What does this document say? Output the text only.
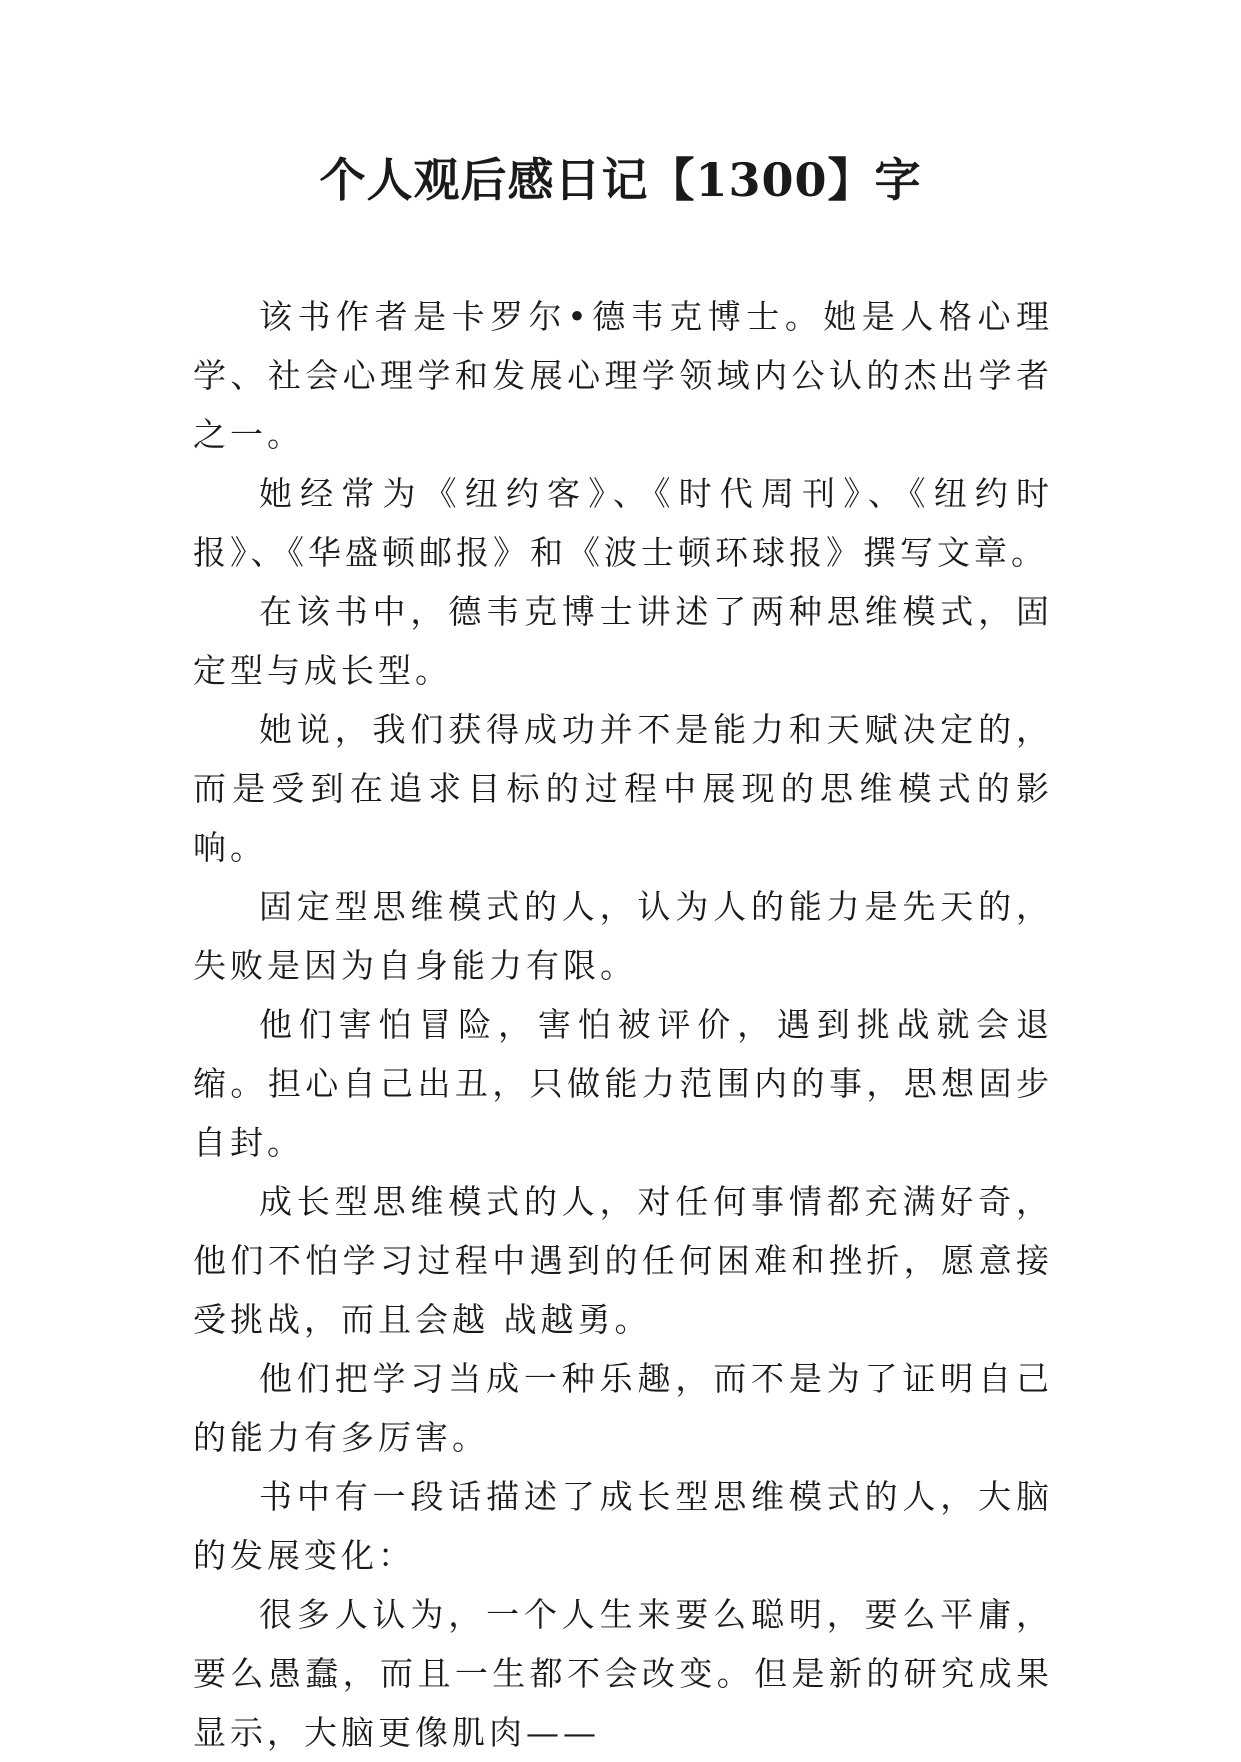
个人观后感日记【1300】字

该书作者是卡罗尔•德韦克博士。她是人格心理学、社会心理学和发展心理学领域内公认的杰出学者之一。

她经常为《纽约客》、《时代周刊》、《纽约时报》、《华盛顿邮报》和《波士顿环球报》撰写文章。

在该书中，德韦克博士讲述了两种思维模式，固定型与成长型。

她说，我们获得成功并不是能力和天赋决定的，而是受到在追求目标的过程中展现的思维模式的影响。

固定型思维模式的人，认为人的能力是先天的，失败是因为自身能力有限。

他们害怕冒险，害怕被评价，遇到挑战就会退缩。担心自己出丑，只做能力范围内的事，思想固步自封。

成长型思维模式的人，对任何事情都充满好奇，他们不怕学习过程中遇到的任何困难和挫折，愿意接受挑战，而且会越 战越勇。

他们把学习当成一种乐趣，而不是为了证明自己的能力有多厉害。

书中有一段话描述了成长型思维模式的人，大脑的发展变化：

很多人认为，一个人生来要么聪明，要么平庸，要么愚蠢，而且一生都不会改变。但是新的研究成果显示，大脑更像肌肉——
